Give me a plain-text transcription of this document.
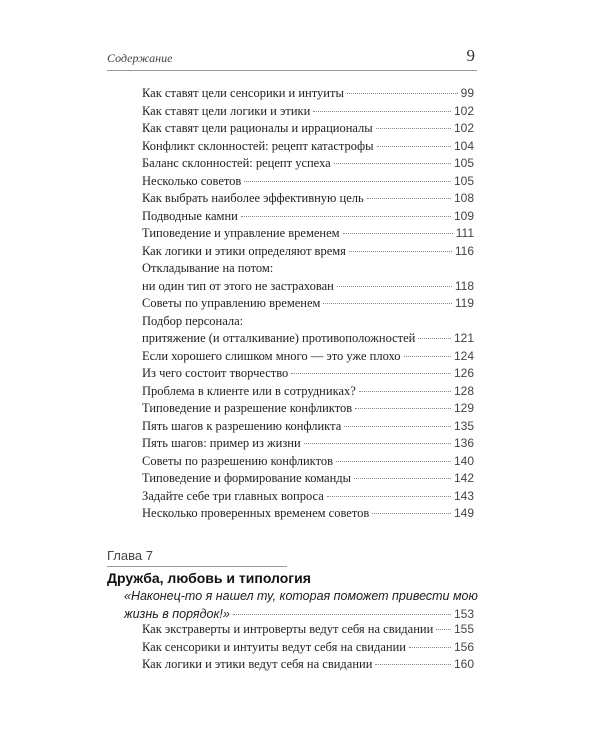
Содержание	9
Как ставят цели сенсорики и интуиты	99
Как ставят цели логики и этики	102
Как ставят цели рационалы и иррационалы	102
Конфликт склонностей: рецепт катастрофы	104
Баланс склонностей: рецепт успеха	105
Несколько советов	105
Как выбрать наиболее эффективную цель	108
Подводные камни	109
Типоведение и управление временем	111
Как логики и этики определяют время	116
Откладывание на потом:
ни один тип от этого не застрахован	118
Советы по управлению временем	119
Подбор персонала:
притяжение (и отталкивание) противоположностей	121
Если хорошего слишком много — это уже плохо	124
Из чего состоит творчество	126
Проблема в клиенте или в сотрудниках?	128
Типоведение и разрешение конфликтов	129
Пять шагов к разрешению конфликта	135
Пять шагов: пример из жизни	136
Советы по разрешению конфликтов	140
Типоведение и формирование команды	142
Задайте себе три главных вопроса	143
Несколько проверенных временем советов	149
Глава 7
Дружба, любовь и типология
«Наконец-то я нашел ту, которая поможет привести мою
жизнь в порядок!»	153
Как экстраверты и интроверты ведут себя на свидании 155
Как сенсорики и интуиты ведут себя на свидании	156
Как логики и этики ведут себя на свидании	160
